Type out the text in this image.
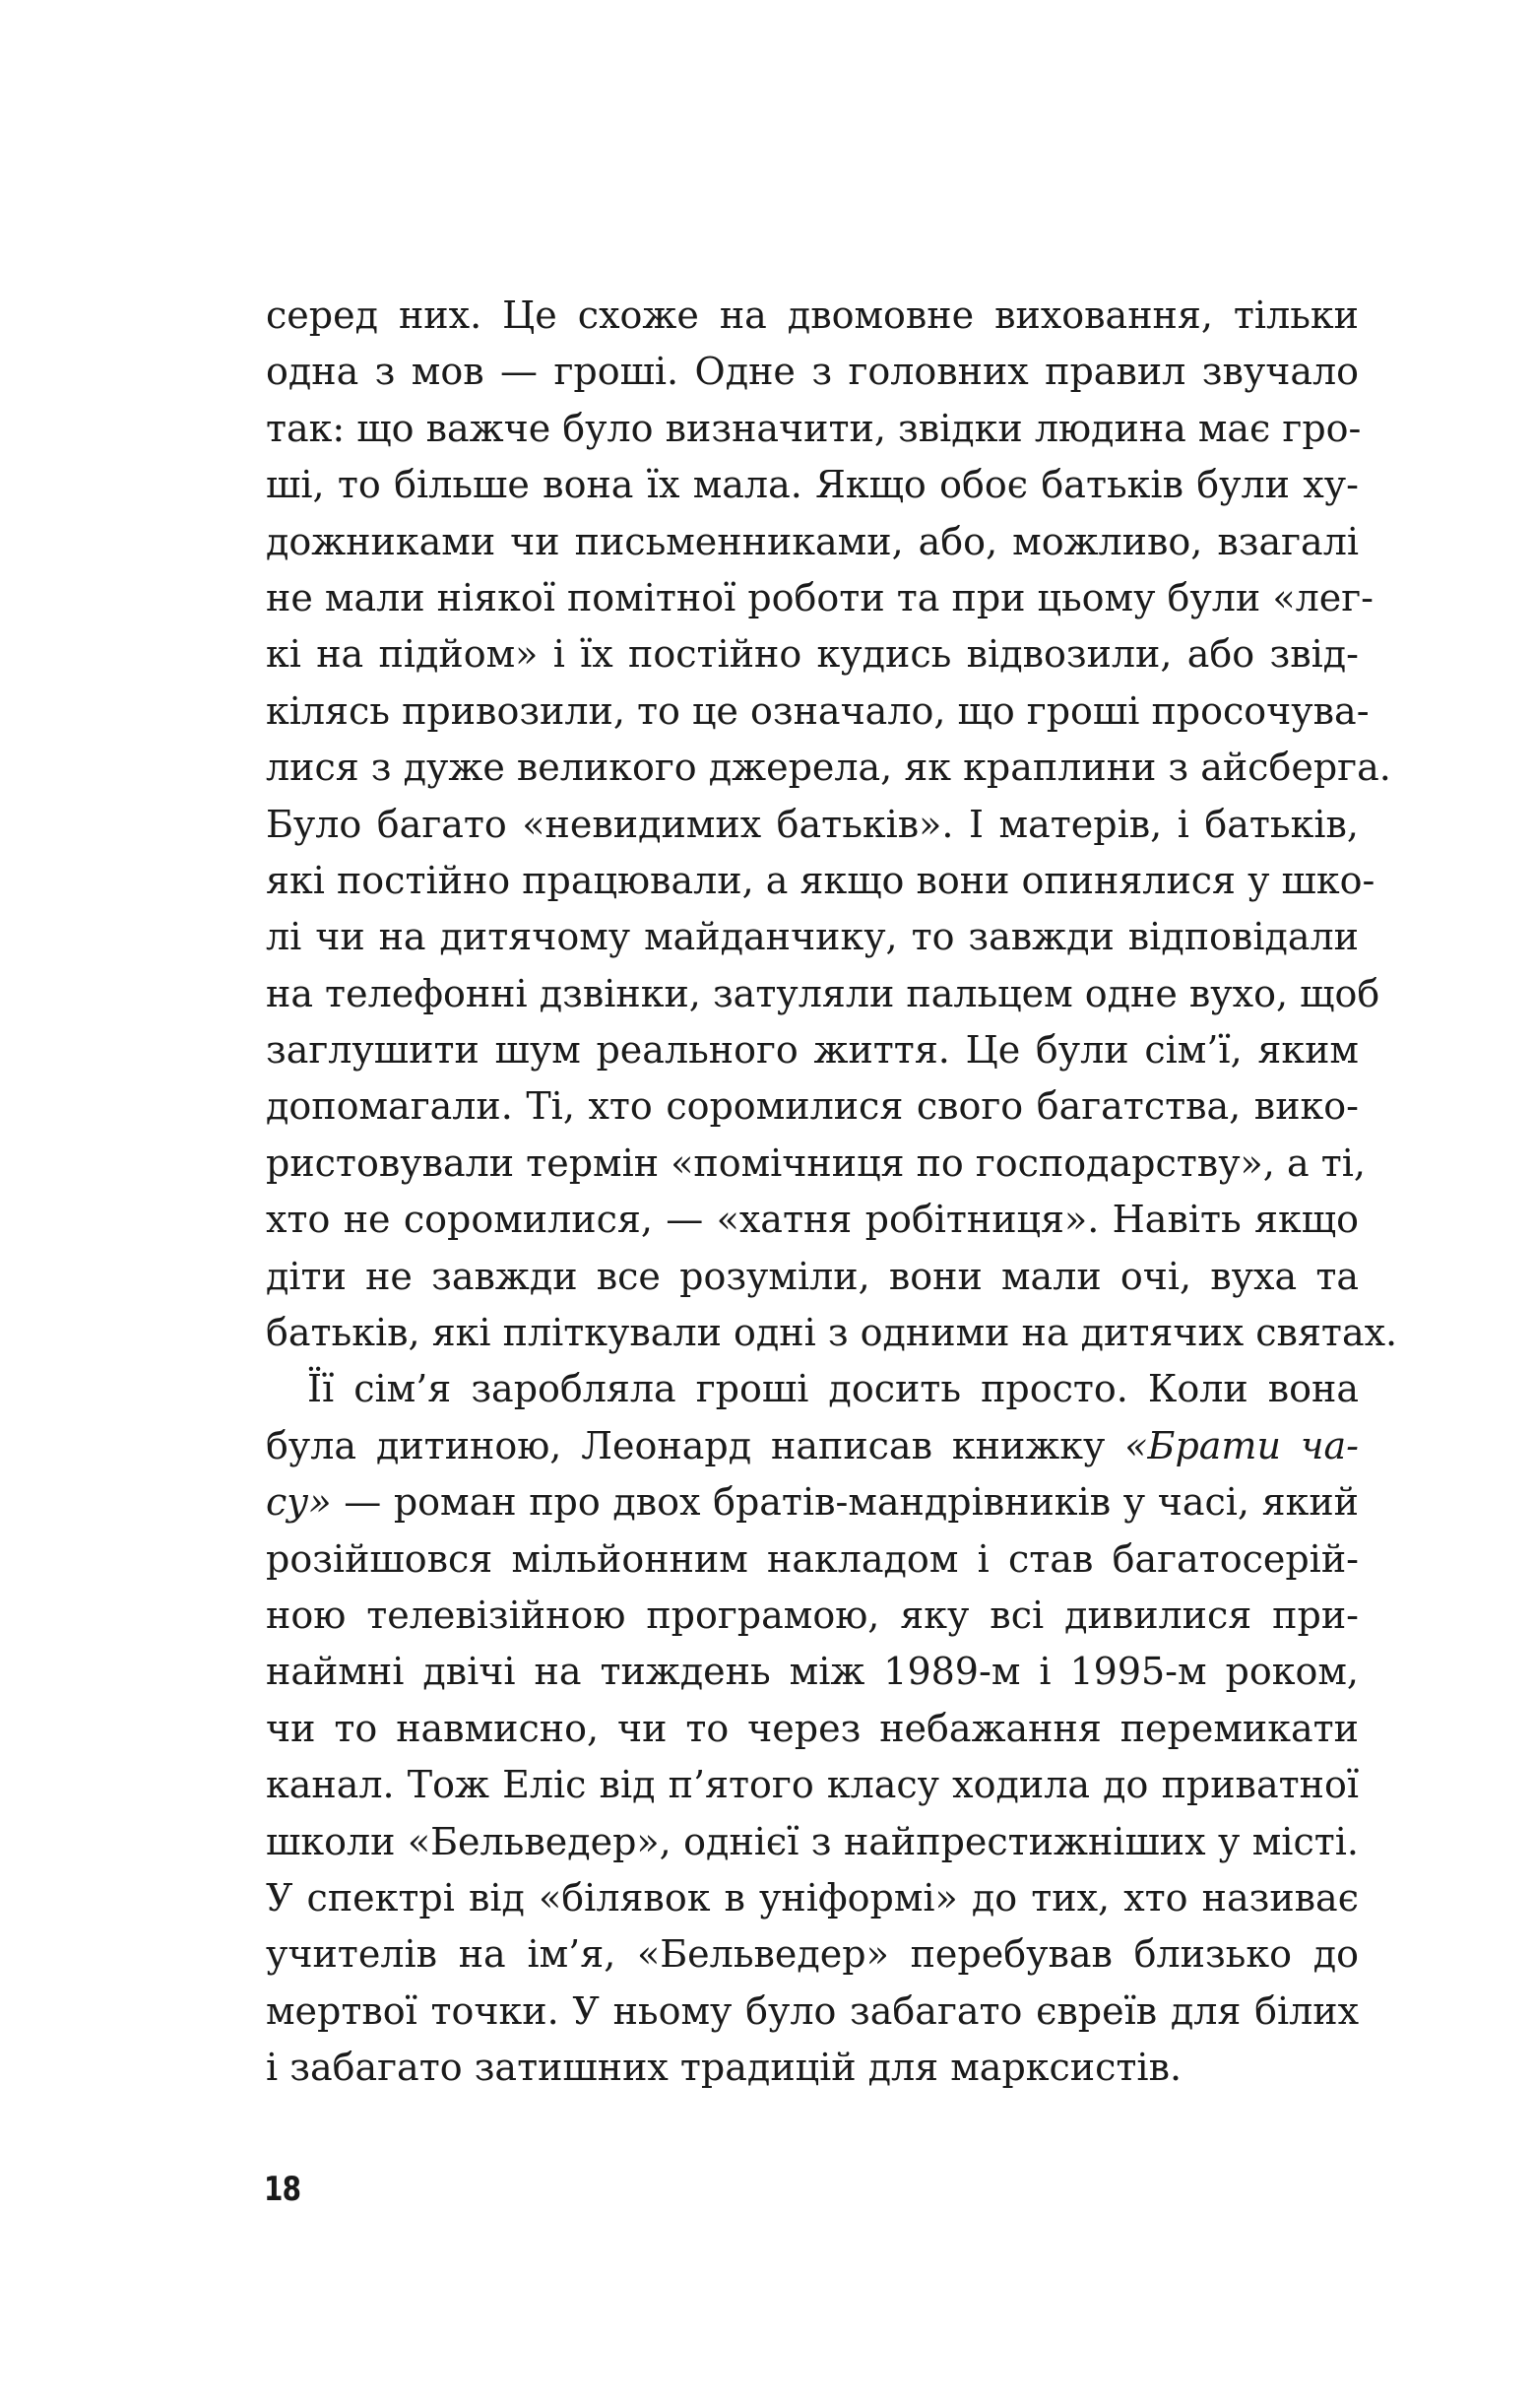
серед них. Це схоже на двомовне виховання, тільки
одна з мов — гроші. Одне з головних правил звучало
так: що важче було визначити, звідки людина має гро-
ші, то більше вона їх мала. Якщо обоє батьків були ху-
дожниками чи письменниками, або, можливо, взагалі
не мали ніякої помітної роботи та при цьому були «лег-
кі на підйом» і їх постійно кудись відвозили, або звід-
кілясь привозили, то це означало, що гроші просочува-
лися з дуже великого джерела, як краплини з айсберга.
Було багато «невидимих батьків». І матерів, і батьків,
які постійно працювали, а якщо вони опинялися у шко-
лі чи на дитячому майданчику, то завжди відповідали
на телефонні дзвінки, затуляли пальцем одне вухо, щоб
заглушити шум реального життя. Це були сім’ї, яким
допомагали. Ті, хто соромилися свого багатства, вико-
ристовували термін «помічниця по господарству», а ті,
хто не соромилися, — «хатня робітниця». Навіть якщо
діти не завжди все розуміли, вони мали очі, вуха та
батьків, які пліткували одні з одними на дитячих святах.
Її сім’я заробляла гроші досить просто. Коли вона
була дитиною, Леонард написав книжку «Брати ча-
су» — роман про двох братів-мандрівників у часі, який
розійшовся мільйонним накладом і став багатосерій-
ною телевізійною програмою, яку всі дивилися при-
наймні двічі на тиждень між 1989-м і 1995-м роком,
чи то навмисно, чи то через небажання перемикати
канал. Тож Еліс від п’ятого класу ходила до приватної
школи «Бельведер», однієї з найпрестижніших у місті.
У спектрі від «білявок в уніформі» до тих, хто називає
учителів на ім’я, «Бельведер» перебував близько до
мертвої точки. У ньому було забагато євреїв для білих
і забагато затишних традицій для марксистів.
18
